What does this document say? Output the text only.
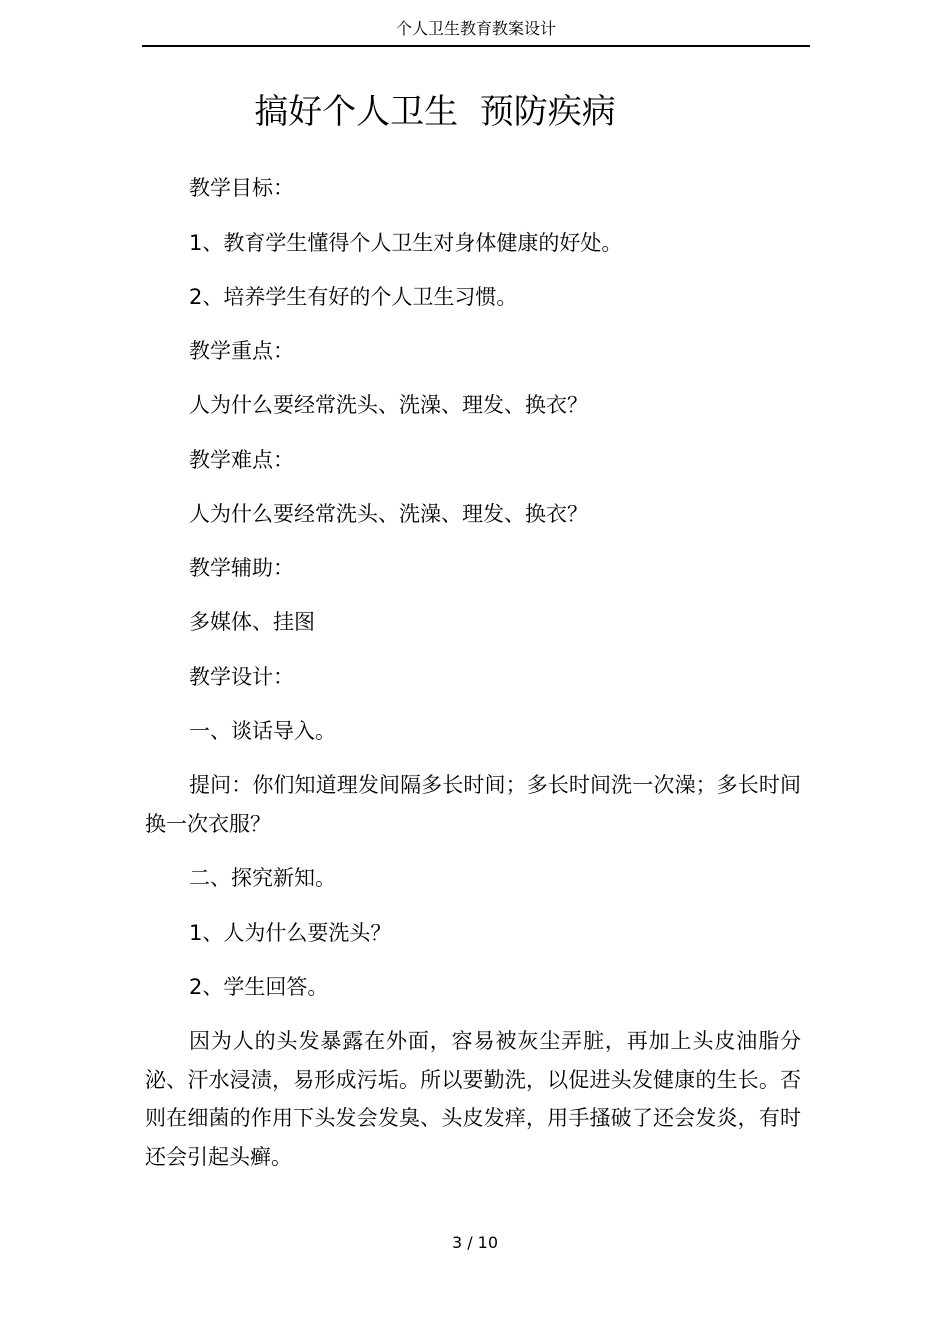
个人卫生教育教案设计
搞好个人卫生  预防疾病
教学目标：
1、教育学生懂得个人卫生对身体健康的好处。
2、培养学生有好的个人卫生习惯。
教学重点：
人为什么要经常洗头、洗澡、理发、换衣？
教学难点：
人为什么要经常洗头、洗澡、理发、换衣？
教学辅助：
多媒体、挂图
教学设计：
一、谈话导入。

提问：你们知道理发间隔多长时间；多长时间洗一次澡；多长时间换一次衣服？

二、探究新知。
1、人为什么要洗头？
2、学生回答。

因为人的头发暴露在外面，容易被灰尘弄脏，再加上头皮油脂分泌、汗水浸渍，易形成污垢。所以要勤洗，以促进头发健康的生长。否则在细菌的作用下头发会发臭、头皮发痒，用手搔破了还会发炎，有时还会引起头癣。

3 / 10
